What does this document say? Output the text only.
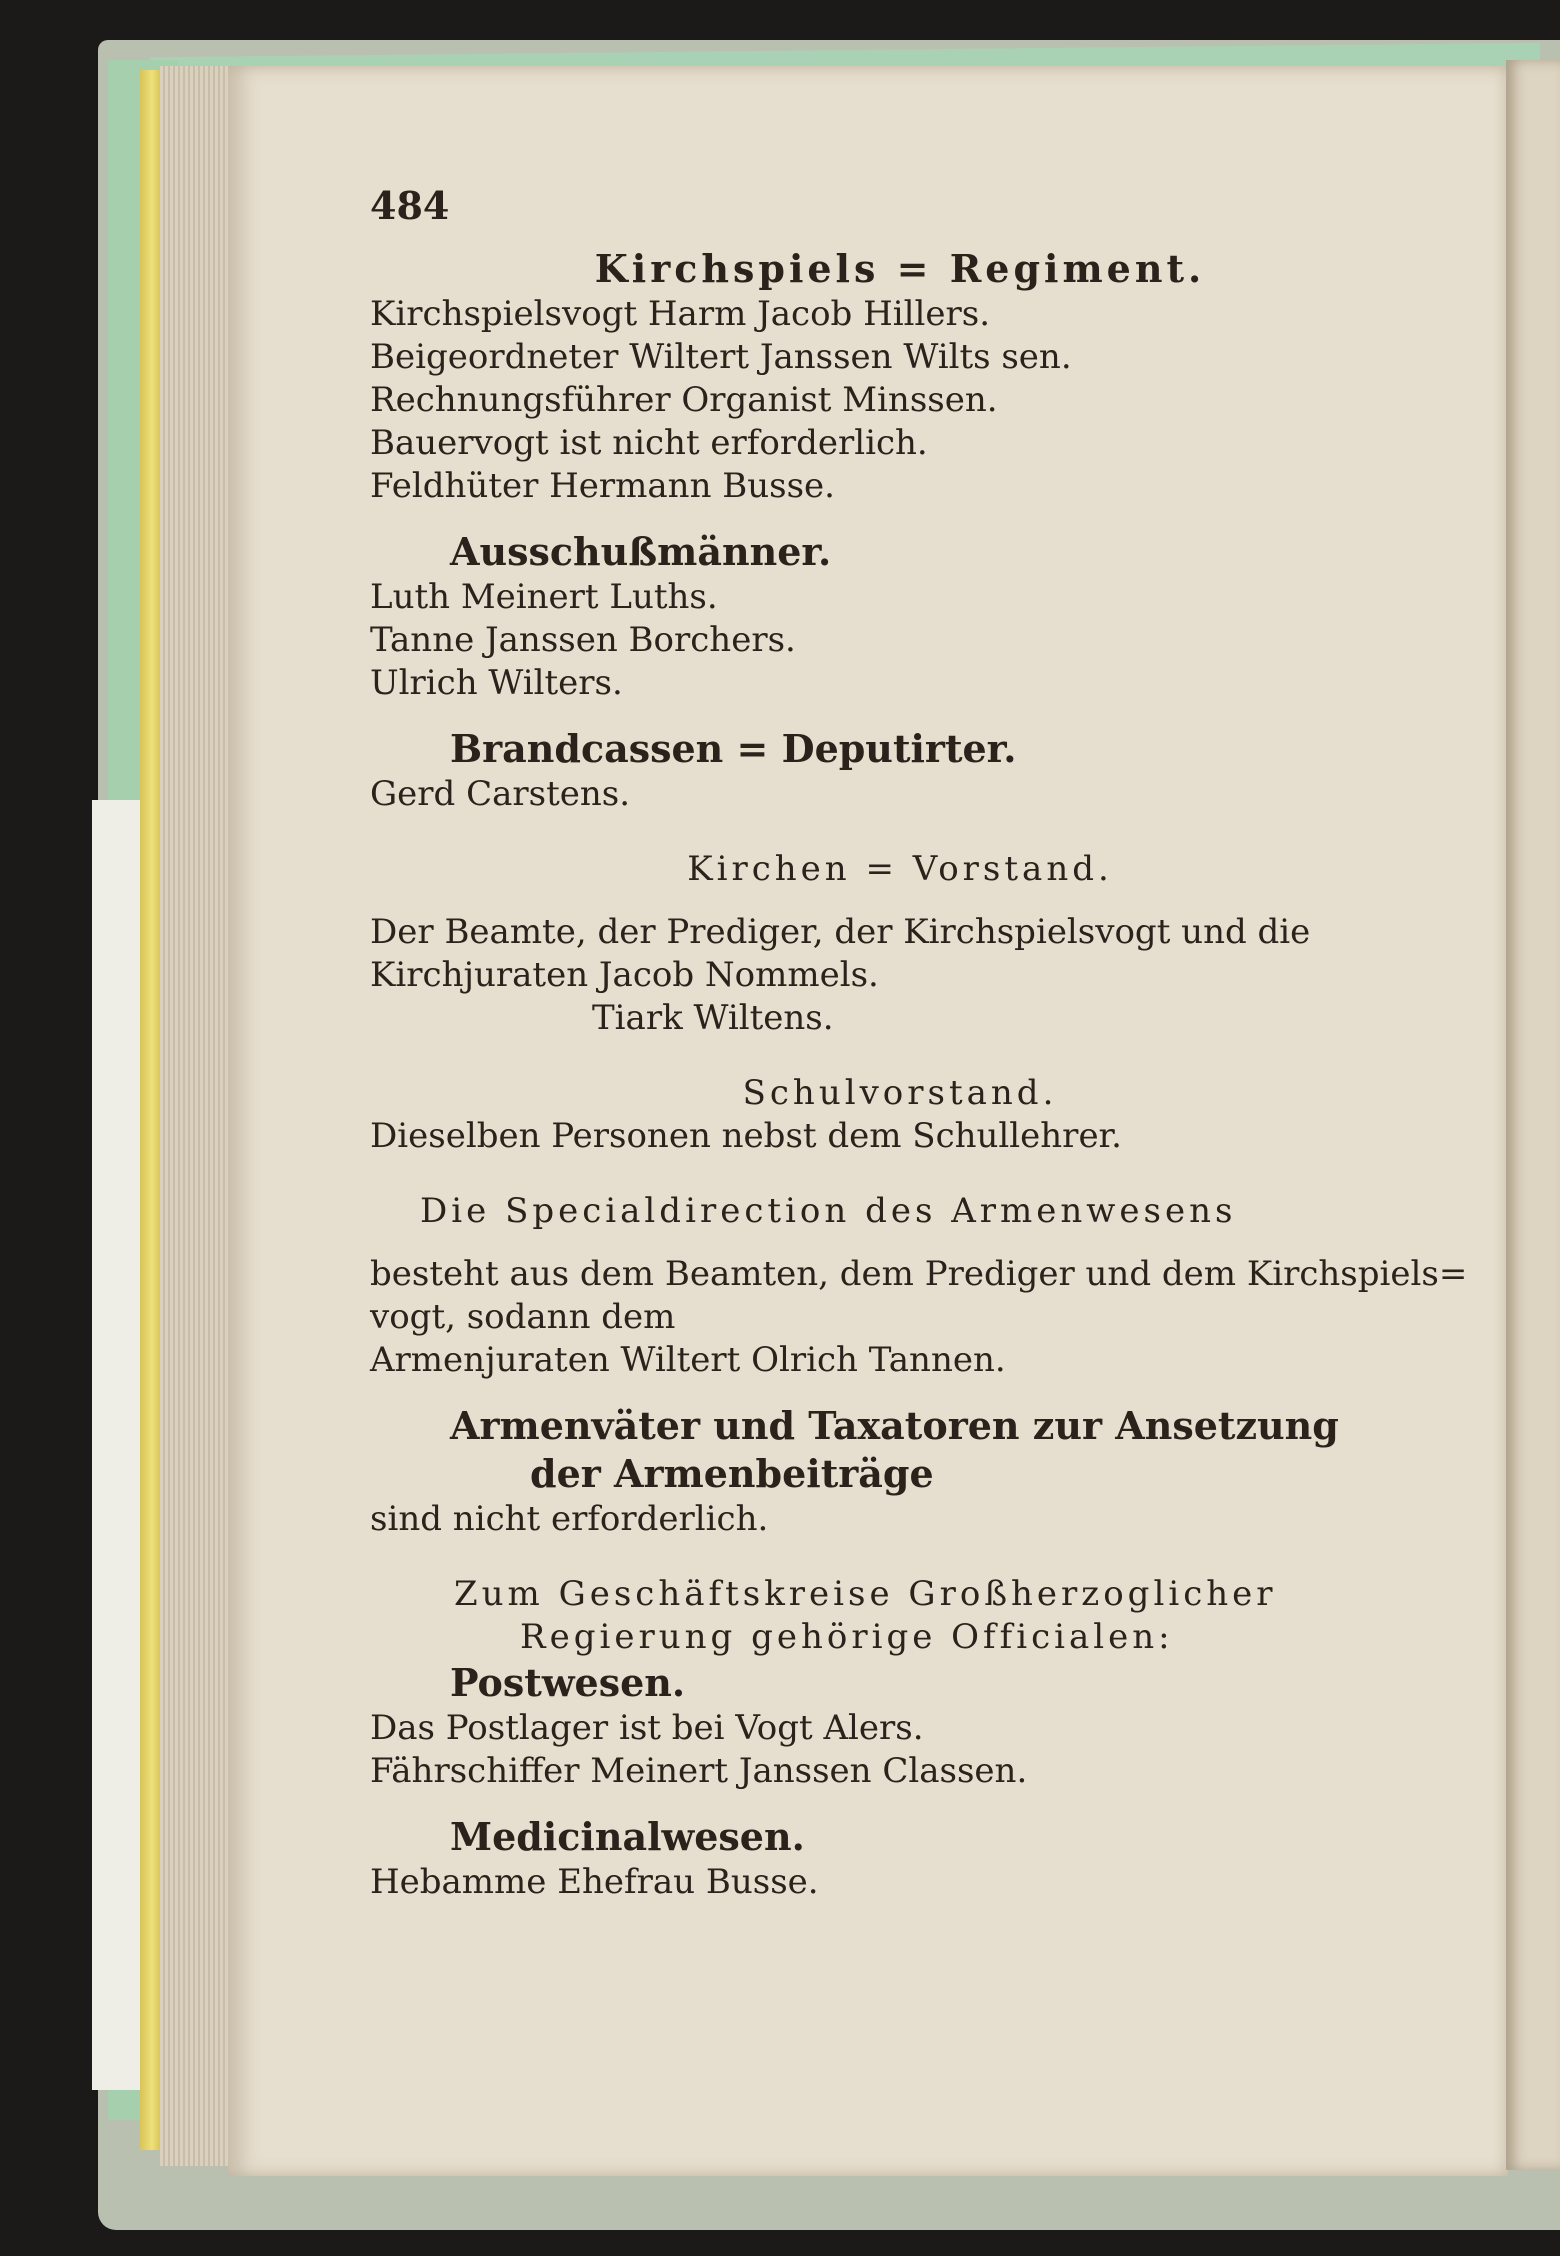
484
Kirchspiels = Regiment.
Kirchspielsvogt Harm Jacob Hillers.
Beigeordneter Wiltert Janssen Wilts sen.
Rechnungsführer Organist Minssen.
Bauervogt ist nicht erforderlich.
Feldhüter Hermann Busse.
Ausschußmänner.
Luth Meinert Luths.
Tanne Janssen Borchers.
Ulrich Wilters.
Brandcassen = Deputirter.
Gerd Carstens.
Kirchen = Vorstand.
Der Beamte, der Prediger, der Kirchspielsvogt und die
Kirchjuraten Jacob Nommels.
Tiark Wiltens.
Schulvorstand.
Dieselben Personen nebst dem Schullehrer.
Die Specialdirection des Armenwesens
besteht aus dem Beamten, dem Prediger und dem Kirchspiels=
vogt, sodann dem
Armenjuraten Wiltert Olrich Tannen.
Armenväter und Taxatoren zur Ansetzung
der Armenbeiträge
sind nicht erforderlich.
Zum Geschäftskreise Großherzoglicher
Regierung gehörige Officialen:
Postwesen.
Das Postlager ist bei Vogt Alers.
Fährschiffer Meinert Janssen Classen.
Medicinalwesen.
Hebamme Ehefrau Busse.
